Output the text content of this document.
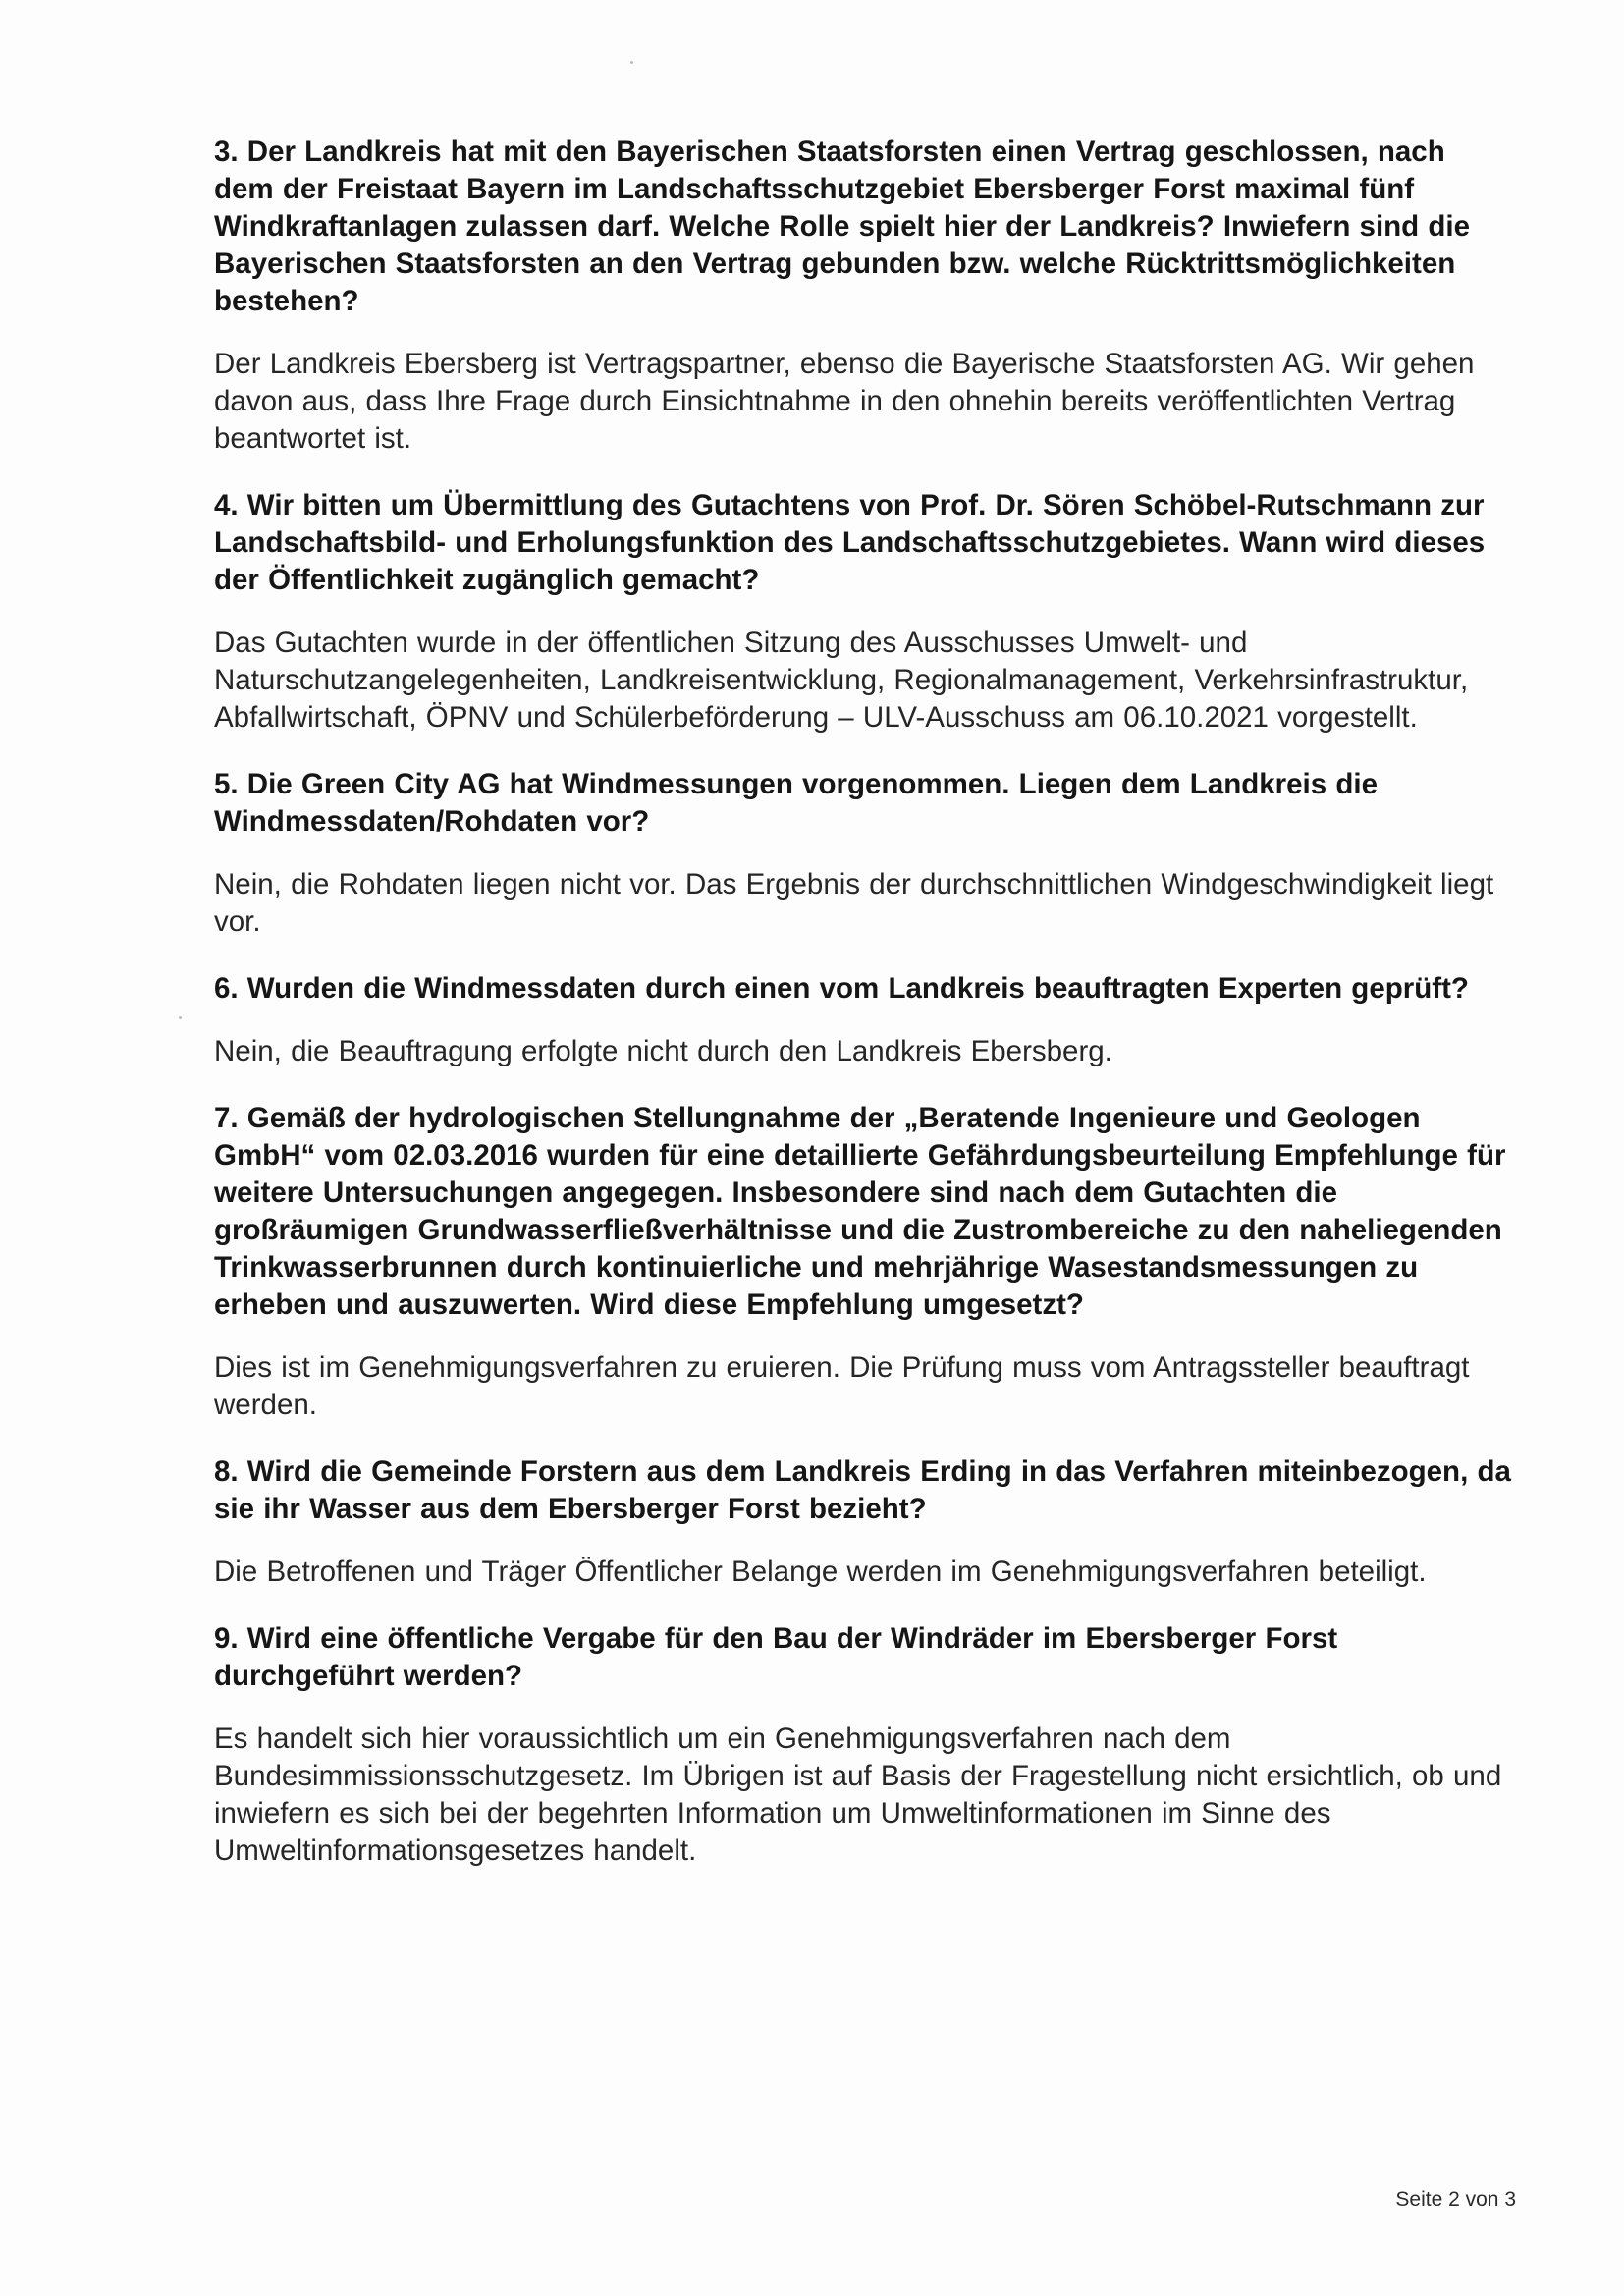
3. Der Landkreis hat mit den Bayerischen Staatsforsten einen Vertrag geschlossen, nach dem der Freistaat Bayern im Landschaftsschutzgebiet Ebersberger Forst maximal fünf Windkraftanlagen zulassen darf. Welche Rolle spielt hier der Landkreis? Inwiefern sind die Bayerischen Staatsforsten an den Vertrag gebunden bzw. welche Rücktrittsmöglichkeiten bestehen?

Der Landkreis Ebersberg ist Vertragspartner, ebenso die Bayerische Staatsforsten AG. Wir gehen davon aus, dass Ihre Frage durch Einsichtnahme in den ohnehin bereits veröffentlichten Vertrag beantwortet ist.

4. Wir bitten um Übermittlung des Gutachtens von Prof. Dr. Sören Schöbel-Rutschmann zur Landschaftsbild- und Erholungsfunktion des Landschaftsschutzgebietes. Wann wird dieses der Öffentlichkeit zugänglich gemacht?

Das Gutachten wurde in der öffentlichen Sitzung des Ausschusses Umwelt- und Naturschutzangelegenheiten, Landkreisentwicklung, Regionalmanagement, Verkehrsinfrastruktur, Abfallwirtschaft, ÖPNV und Schülerbeförderung – ULV-Ausschuss am 06.10.2021 vorgestellt.

5. Die Green City AG hat Windmessungen vorgenommen. Liegen dem Landkreis die Windmessdaten/Rohdaten vor?

Nein, die Rohdaten liegen nicht vor. Das Ergebnis der durchschnittlichen Windgeschwindigkeit liegt vor.

6. Wurden die Windmessdaten durch einen vom Landkreis beauftragten Experten geprüft?

Nein, die Beauftragung erfolgte nicht durch den Landkreis Ebersberg.

7. Gemäß der hydrologischen Stellungnahme der „Beratende Ingenieure und Geologen GmbH“ vom 02.03.2016 wurden für eine detaillierte Gefährdungsbeurteilung Empfehlunge für weitere Untersuchungen angegegen. Insbesondere sind nach dem Gutachten die großräumigen Grundwasserfließverhältnisse und die Zustrombereiche zu den naheliegenden Trinkwasserbrunnen durch kontinuierliche und mehrjährige Wasestandsmessungen zu erheben und auszuwerten. Wird diese Empfehlung umgesetzt?

Dies ist im Genehmigungsverfahren zu eruieren. Die Prüfung muss vom Antragssteller beauftragt werden.

8. Wird die Gemeinde Forstern aus dem Landkreis Erding in das Verfahren miteinbezogen, da sie ihr Wasser aus dem Ebersberger Forst bezieht?

Die Betroffenen und Träger Öffentlicher Belange werden im Genehmigungsverfahren beteiligt.

9. Wird eine öffentliche Vergabe für den Bau der Windräder im Ebersberger Forst durchgeführt werden?

Es handelt sich hier voraussichtlich um ein Genehmigungsverfahren nach dem Bundesimmissionsschutzgesetz. Im Übrigen ist auf Basis der Fragestellung nicht ersichtlich, ob und inwiefern es sich bei der begehrten Information um Umweltinformationen im Sinne des Umweltinformationsgesetzes handelt.

Seite 2 von 3
